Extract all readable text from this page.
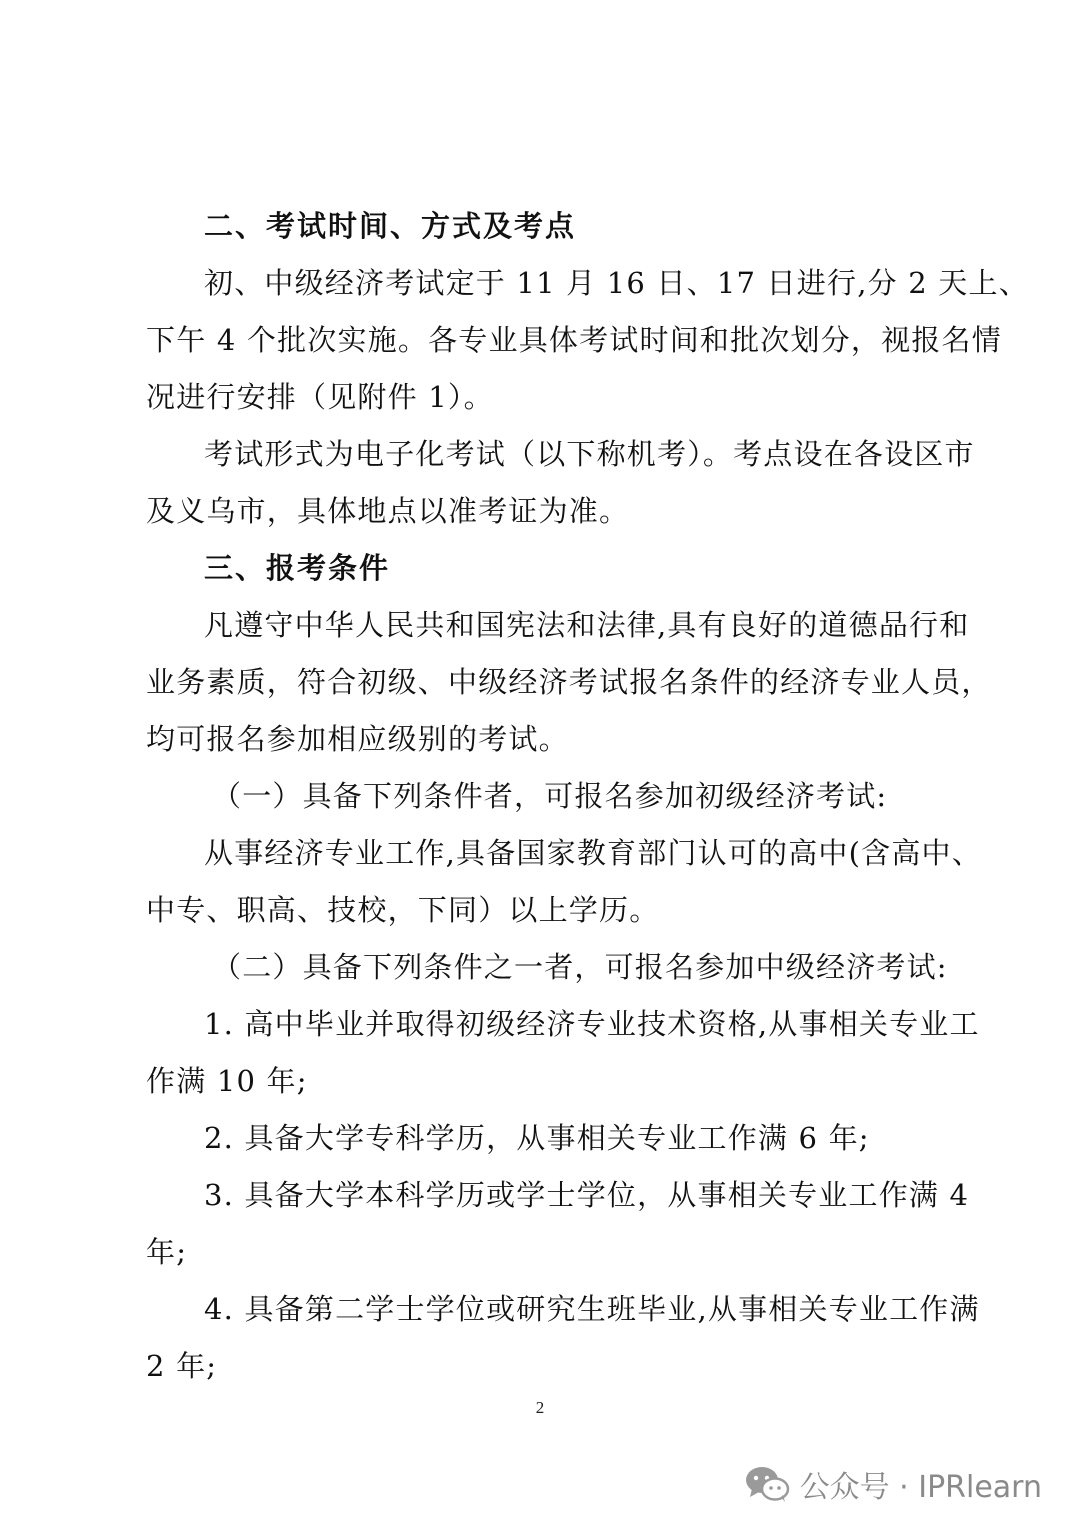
二、考试时间、方式及考点
初、中级经济考试定于 11 月 16 日、17 日进行,分 2 天上、
下午 4 个批次实施。各专业具体考试时间和批次划分，视报名情
况进行安排（见附件 1）。
考试形式为电子化考试（以下称机考）。考点设在各设区市
及义乌市，具体地点以准考证为准。
三、报考条件
凡遵守中华人民共和国宪法和法律,具有良好的道德品行和
业务素质，符合初级、中级经济考试报名条件的经济专业人员，
均可报名参加相应级别的考试。
（一）具备下列条件者，可报名参加初级经济考试:
从事经济专业工作,具备国家教育部门认可的高中(含高中、
中专、职高、技校，下同）以上学历。
（二）具备下列条件之一者，可报名参加中级经济考试:
1. 高中毕业并取得初级经济专业技术资格,从事相关专业工
作满 10 年;
2. 具备大学专科学历，从事相关专业工作满 6 年;
3. 具备大学本科学历或学士学位，从事相关专业工作满 4
年;
4. 具备第二学士学位或研究生班毕业,从事相关专业工作满
2 年;
2
公众号 · IPRlearn
